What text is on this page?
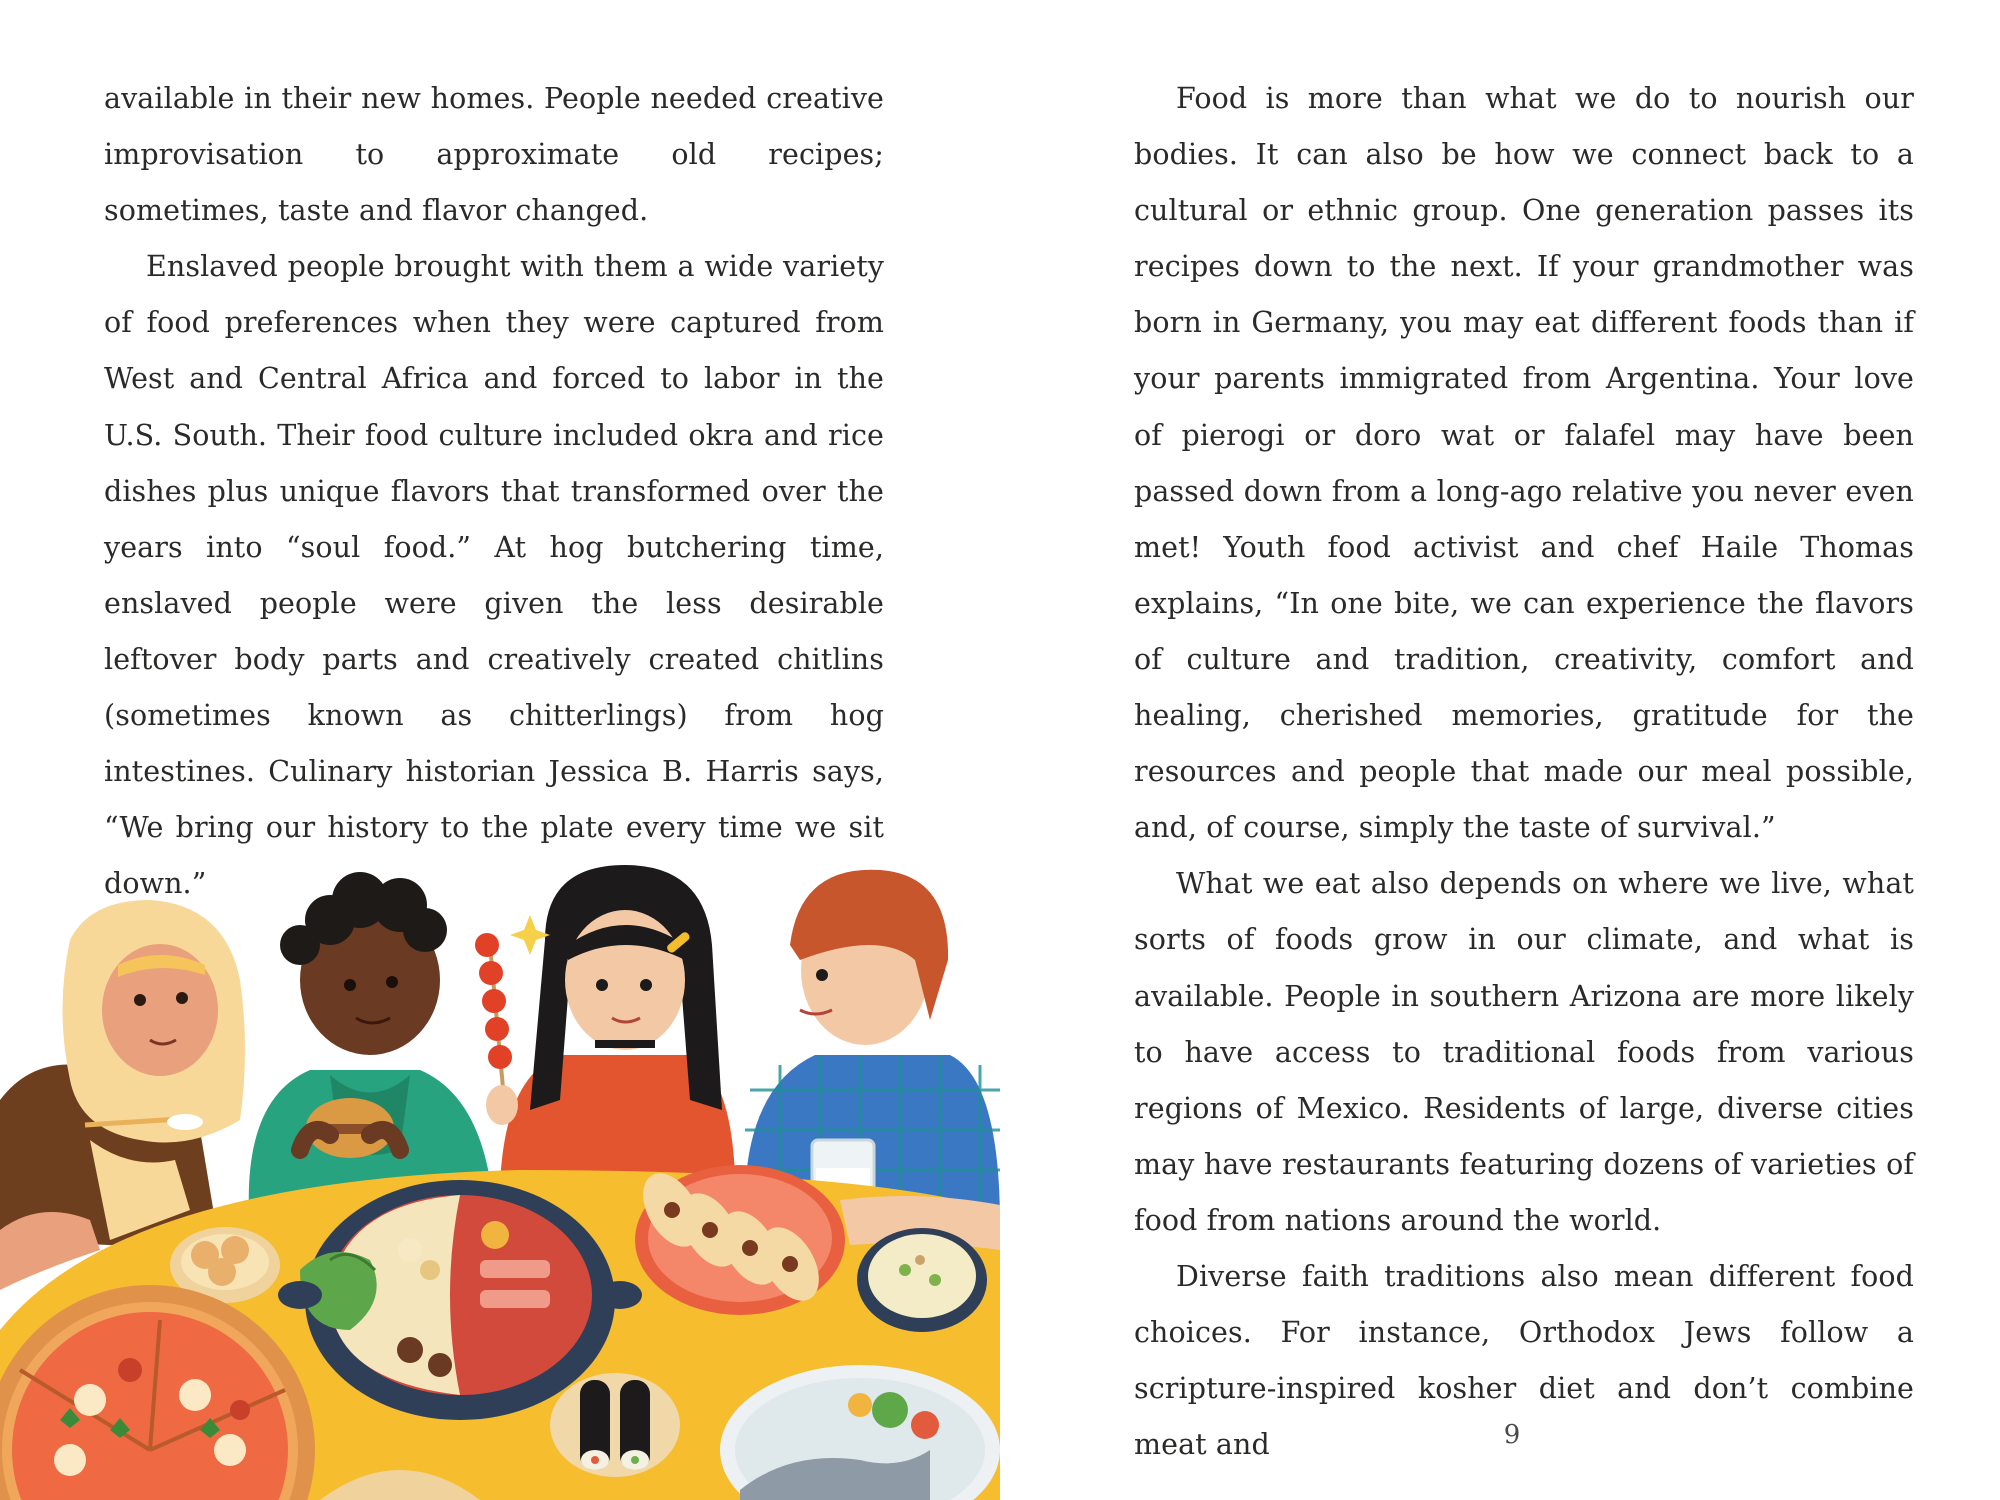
available in their new homes. People needed creative improvisation to approximate old recipes; sometimes, taste and flavor changed.

Enslaved people brought with them a wide variety of food preferences when they were captured from West and Central Africa and forced to labor in the U.S. South. Their food culture included okra and rice dishes plus unique flavors that transformed over the years into “soul food.” At hog butchering time, enslaved people were given the less desirable leftover body parts and creatively created chitlins (sometimes known as chitterlings) from hog intestines. Culinary historian Jessica B. Harris says, “We bring our history to the plate every time we sit down.”

Food is more than what we do to nourish our bodies. It can also be how we connect back to a cultural or ethnic group. One generation passes its recipes down to the next. If your grandmother was born in Germany, you may eat different foods than if your parents immigrated from Argentina. Your love of pierogi or doro wat or falafel may have been passed down from a long-ago relative you never even met! Youth food activist and chef Haile Thomas explains, “In one bite, we can experience the flavors of culture and tradition, creativity, comfort and healing, cherished memories, gratitude for the resources and people that made our meal possible, and, of course, simply the taste of survival.”

What we eat also depends on where we live, what sorts of foods grow in our climate, and what is available. People in southern Arizona are more likely to have access to traditional foods from various regions of Mexico. Residents of large, diverse cities may have restaurants featuring dozens of varieties of food from nations around the world.

Diverse faith traditions also mean different food choices. For instance, Orthodox Jews follow a scripture-inspired kosher diet and don’t combine meat and	9
